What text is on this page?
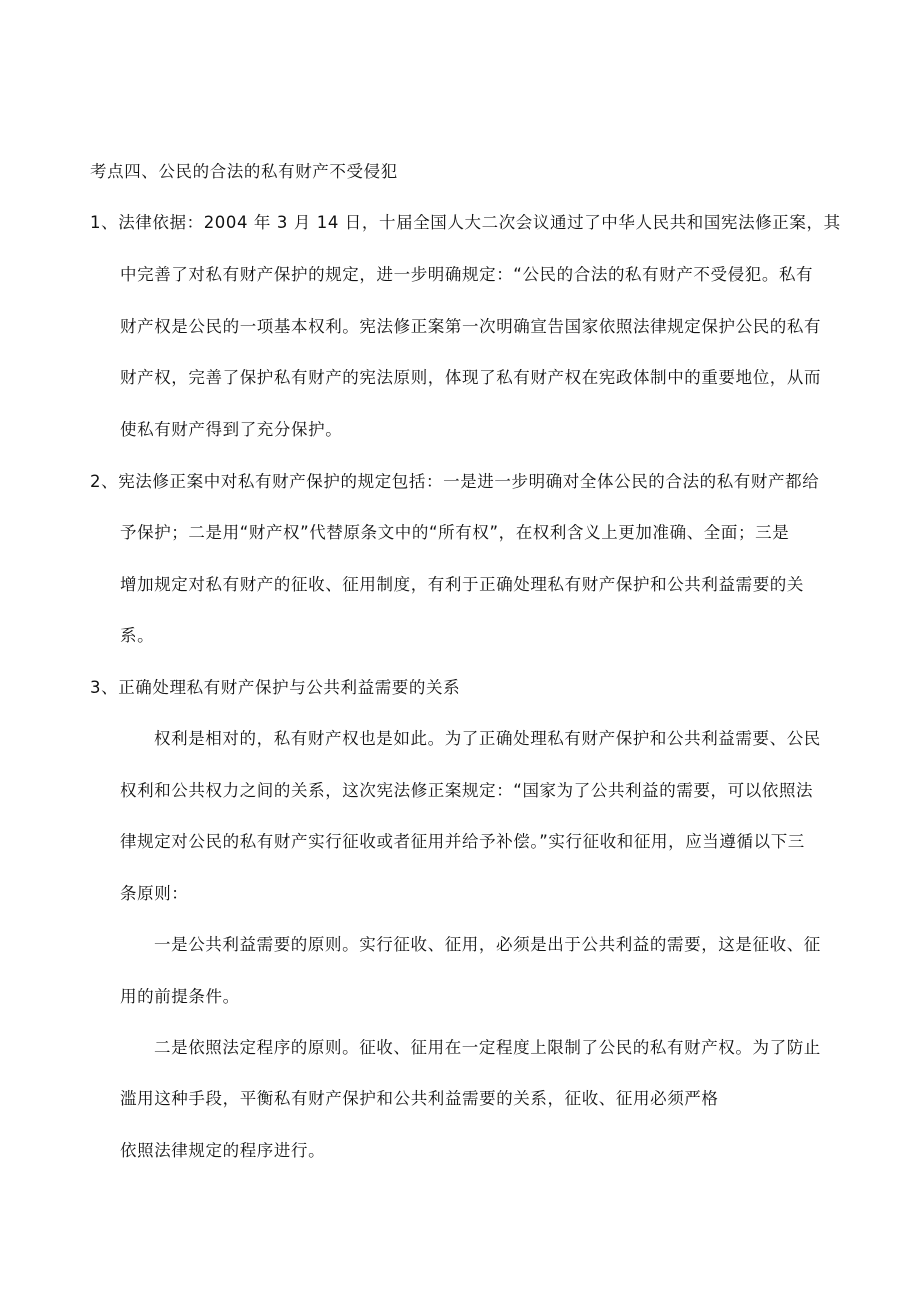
考点四、公民的合法的私有财产不受侵犯
1、法律依据：2004 年 3 月 14 日，十届全国人大二次会议通过了中华人民共和国宪法修正案，其
中完善了对私有财产保护的规定，进一步明确规定：“公民的合法的私有财产不受侵犯。私有
财产权是公民的一项基本权利。宪法修正案第一次明确宣告国家依照法律规定保护公民的私有
财产权，完善了保护私有财产的宪法原则，体现了私有财产权在宪政体制中的重要地位，从而
使私有财产得到了充分保护。
2、宪法修正案中对私有财产保护的规定包括：一是进一步明确对全体公民的合法的私有财产都给
予保护；二是用“财产权”代替原条文中的“所有权”，在权利含义上更加准确、全面；三是
增加规定对私有财产的征收、征用制度，有利于正确处理私有财产保护和公共利益需要的关
系。
3、正确处理私有财产保护与公共利益需要的关系
权利是相对的，私有财产权也是如此。为了正确处理私有财产保护和公共利益需要、公民
权利和公共权力之间的关系，这次宪法修正案规定：“国家为了公共利益的需要，可以依照法
律规定对公民的私有财产实行征收或者征用并给予补偿。”实行征收和征用，应当遵循以下三
条原则：
一是公共利益需要的原则。实行征收、征用，必须是出于公共利益的需要，这是征收、征
用的前提条件。
二是依照法定程序的原则。征收、征用在一定程度上限制了公民的私有财产权。为了防止
滥用这种手段，平衡私有财产保护和公共利益需要的关系，征收、征用必须严格
依照法律规定的程序进行。
